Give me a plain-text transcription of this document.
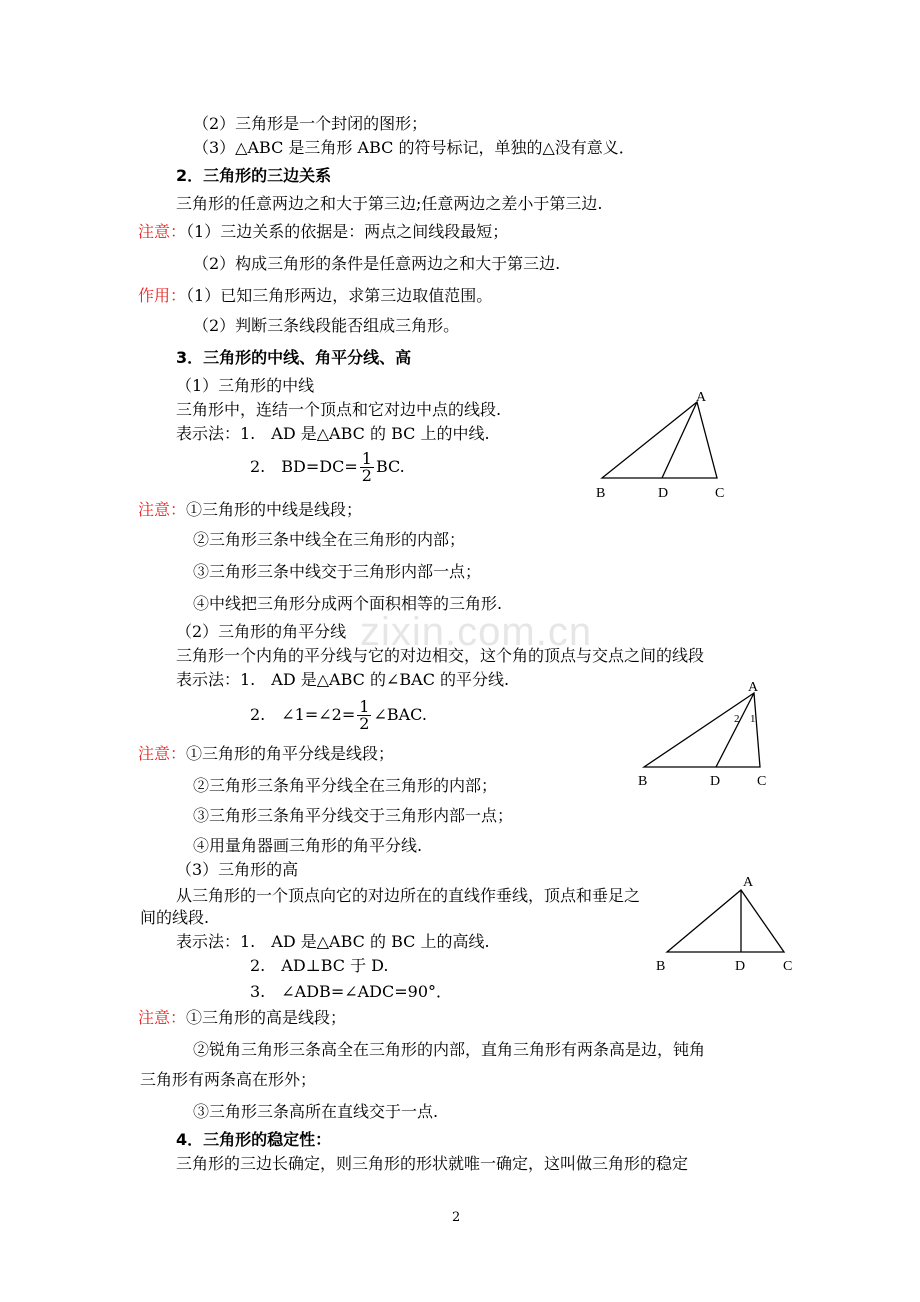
zixin.com.cn
（2）三角形是一个封闭的图形；
（3）△ABC 是三角形 ABC 的符号标记，单独的△没有意义．
2．三角形的三边关系
三角形的任意两边之和大于第三边;任意两边之差小于第三边.
注意：（1）三边关系的依据是：两点之间线段最短；
（2）构成三角形的条件是任意两边之和大于第三边.
作用：（1）已知三角形两边，求第三边取值范围。
（2）判断三条线段能否组成三角形。
3．三角形的中线、角平分线、高
（1）三角形的中线
三角形中，连结一个顶点和它对边中点的线段.
表示法：1.　AD 是△ABC 的 BC 上的中线.
2.　$BD=DC= \frac{1}{2}$ BC.
A
B	D	C
注意：①三角形的中线是线段；
②三角形三条中线全在三角形的内部；
③三角形三条中线交于三角形内部一点；
④中线把三角形分成两个面积相等的三角形.
（2）三角形的角平分线
三角形一个内角的平分线与它的对边相交，这个角的顶点与交点之间的线段
表示法：1.　AD 是△ABC 的∠BAC 的平分线.
2.　∠1=∠2= $\frac{1}{2}$ ∠BAC.
A
2 1
B	D	C
注意：①三角形的角平分线是线段；
②三角形三条角平分线全在三角形的内部；
③三角形三条角平分线交于三角形内部一点；
④用量角器画三角形的角平分线.
（3）三角形的高
从三角形的一个顶点向它的对边所在的直线作垂线，顶点和垂足之
间的线段.
表示法：1.　AD 是△ABC 的 BC 上的高线.
2.　AD⊥BC 于 D.
3.　∠ADB=∠ADC=90°．
A
B	D	C
注意：①三角形的高是线段；
②锐角三角形三条高全在三角形的内部，直角三角形有两条高是边，钝角
三角形有两条高在形外；
③三角形三条高所在直线交于一点.
4．三角形的稳定性：
三角形的三边长确定，则三角形的形状就唯一确定，这叫做三角形的稳定
2
